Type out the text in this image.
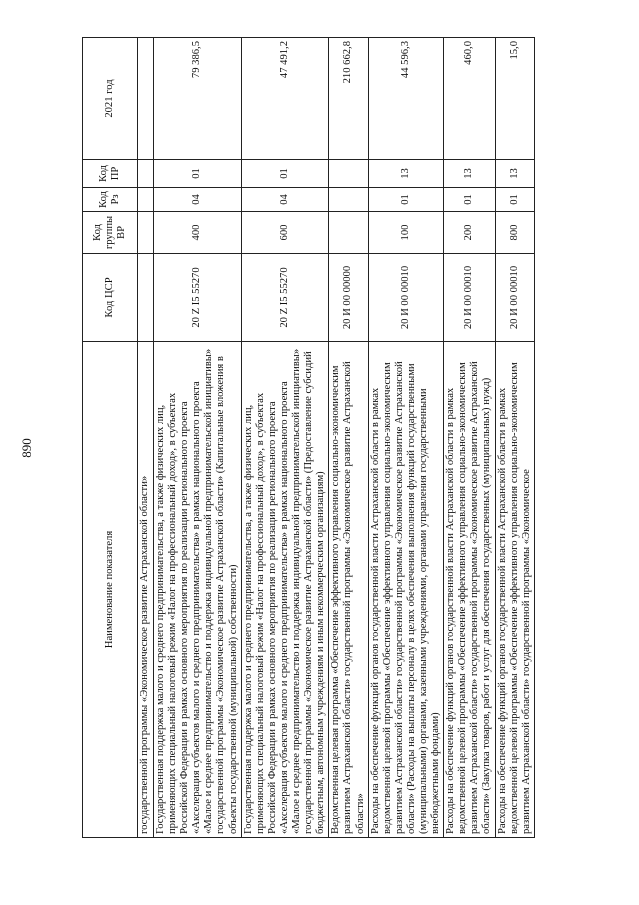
890
Наименование показателя	Код ЦСР	Код группы ВР	Код Рз	Код ПР	2021 год
государственной программы «Экономическое развитие Астраханской области»					
Государственная поддержка малого и среднего предпринимательства, а также физических лиц, применяющих специальный налоговый режим «Налог на профессиональный доход», в субъектах Российской Федерации в рамках основного мероприятия по реализации регионального проекта «Акселерация субъектов малого и среднего предпринимательства» в рамках национального проекта «Малое и среднее предпринимательство и поддержка индивидуальной предпринимательской инициативы» государственной программы «Экономическое развитие Астраханской области» (Капитальные вложения в объекты государственной (муниципальной) собственности)	20 Z I5 55270	400	04	01	79 386,5
Государственная поддержка малого и среднего предпринимательства, а также физических лиц, применяющих специальный налоговый режим «Налог на профессиональный доход», в субъектах Российской Федерации в рамках основного мероприятия по реализации регионального проекта «Акселерация субъектов малого и среднего предпринимательства» в рамках национального проекта «Малое и среднее предпринимательство и поддержка индивидуальной предпринимательской инициативы» государственной программы «Экономическое развитие Астраханской области» (Предоставление субсидий бюджетным, автономным учреждениям и иным некоммерческим организациям)	20 Z I5 55270	600	04	01	47 491,2
Ведомственная целевая программа «Обеспечение эффективного управления социально-экономическим развитием Астраханской области» государственной программы «Экономическое развитие Астраханской области»	20 И 00 00000				210 662,8
Расходы на обеспечение функций органов государственной власти Астраханской области в рамках ведомственной целевой программы «Обеспечение эффективного управления социально-экономическим развитием Астраханской области» государственной программы «Экономическое развитие Астраханской области» (Расходы на выплаты персоналу в целях обеспечения выполнения функций государственными (муниципальными) органами, казенными учреждениями, органами управления государственными внебюджетными фондами)	20 И 00 00010	100	01	13	44 596,3
Расходы на обеспечение функций органов государственной власти Астраханской области в рамках ведомственной целевой программы «Обеспечение эффективного управления социально-экономическим развитием Астраханской области» государственной программы «Экономическое развитие Астраханской области» (Закупка товаров, работ и услуг для обеспечения государственных (муниципальных) нужд)	20 И 00 00010	200	01	13	460,0
Расходы на обеспечение функций органов государственной власти Астраханской области в рамках ведомственной целевой программы «Обеспечение эффективного управления социально-экономическим развитием Астраханской области» государственной программы «Экономическое	20 И 00 00010	800	01	13	15,0
